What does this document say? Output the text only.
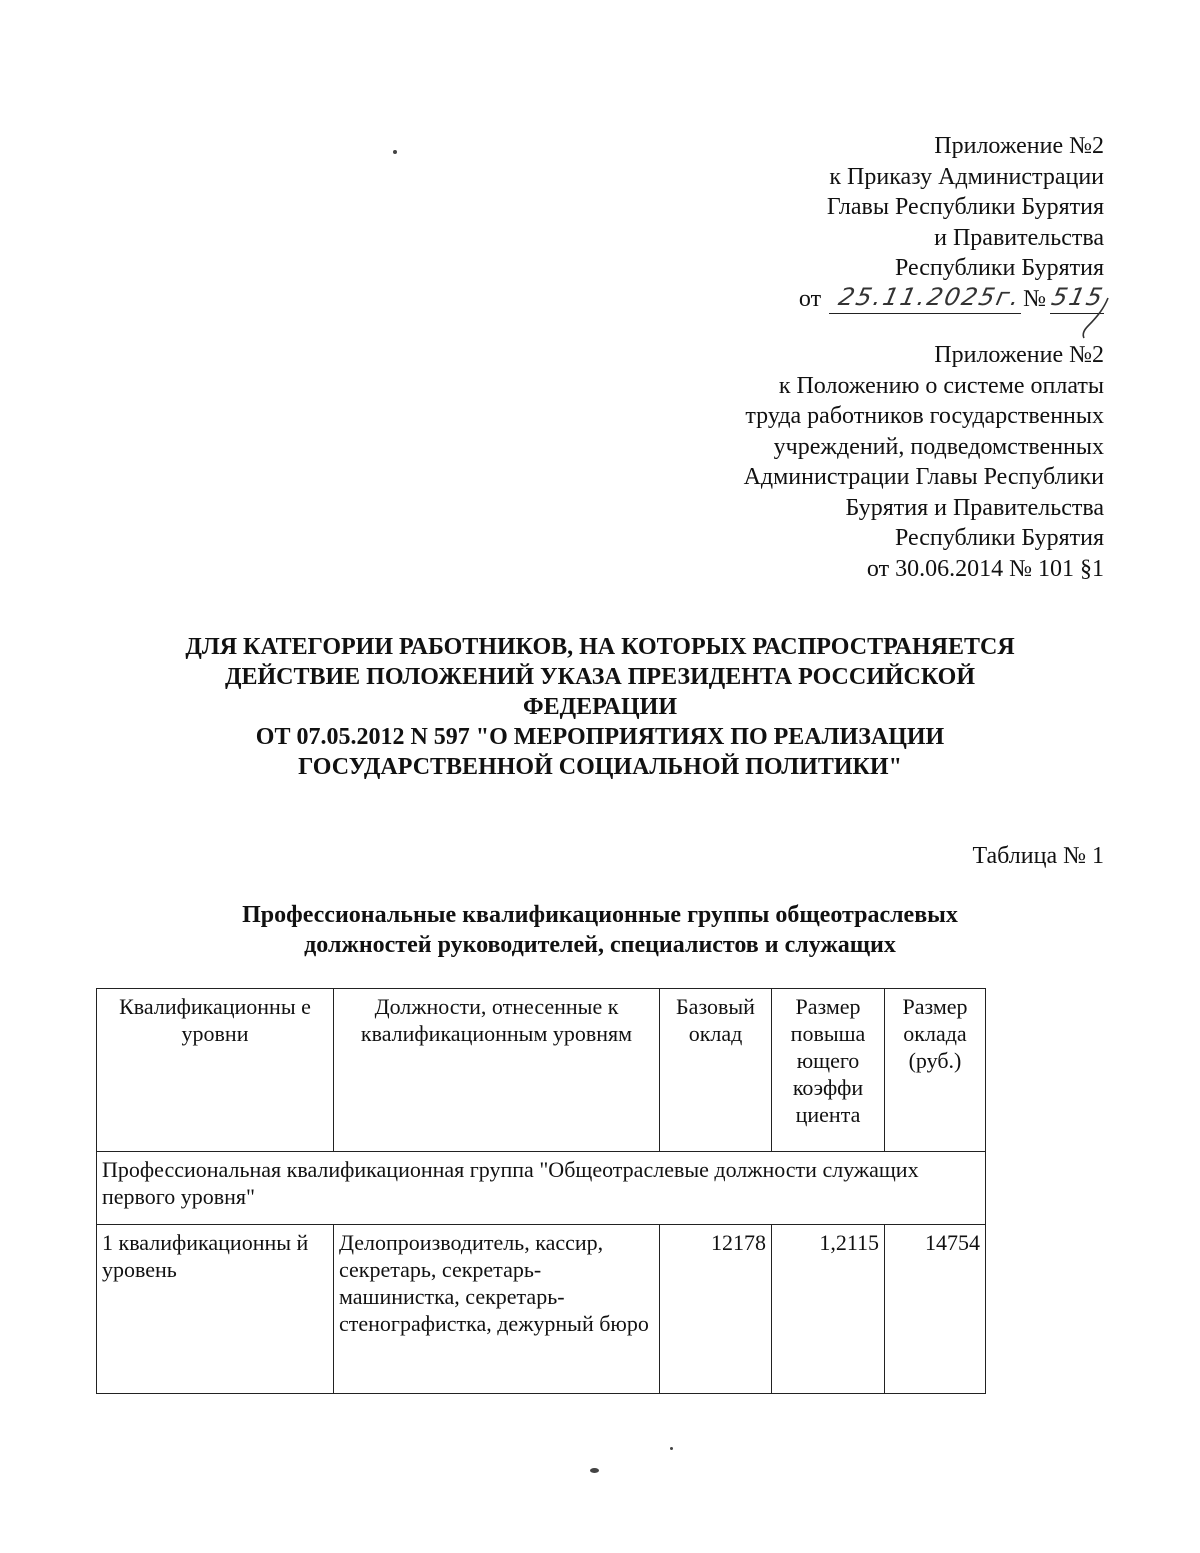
Приложение №2
к Приказу Администрации
Главы Республики Бурятия
и Правительства
Республики Бурятия
от 25.11.2025г. № 515
Приложение №2
к Положению о системе оплаты
труда работников государственных
учреждений, подведомственных
Администрации Главы Республики
Бурятия и Правительства
Республики Бурятия
от 30.06.2014 № 101 §1
ДЛЯ КАТЕГОРИИ РАБОТНИКОВ, НА КОТОРЫХ РАСПРОСТРАНЯЕТСЯ
ДЕЙСТВИЕ ПОЛОЖЕНИЙ УКАЗА ПРЕЗИДЕНТА РОССИЙСКОЙ
ФЕДЕРАЦИИ
ОТ 07.05.2012 N 597 "О МЕРОПРИЯТИЯХ ПО РЕАЛИЗАЦИИ
ГОСУДАРСТВЕННОЙ СОЦИАЛЬНОЙ ПОЛИТИКИ"
Таблица № 1
Профессиональные квалификационные группы общеотраслевых
должностей руководителей, специалистов и служащих
Квалификационны е уровни	Должности, отнесенные к квалификационным уровням	Базовый оклад	Размер повыша ющего коэффи циента	Размер оклада (руб.)
Профессиональная квалификационная группа "Общеотраслевые должности служащих первого уровня"				
1 квалификационны й уровень	Делопроизводитель, кассир, секретарь, секретарь-машинистка, секретарь-стенографистка, дежурный бюро	12178	1,2115	14754
